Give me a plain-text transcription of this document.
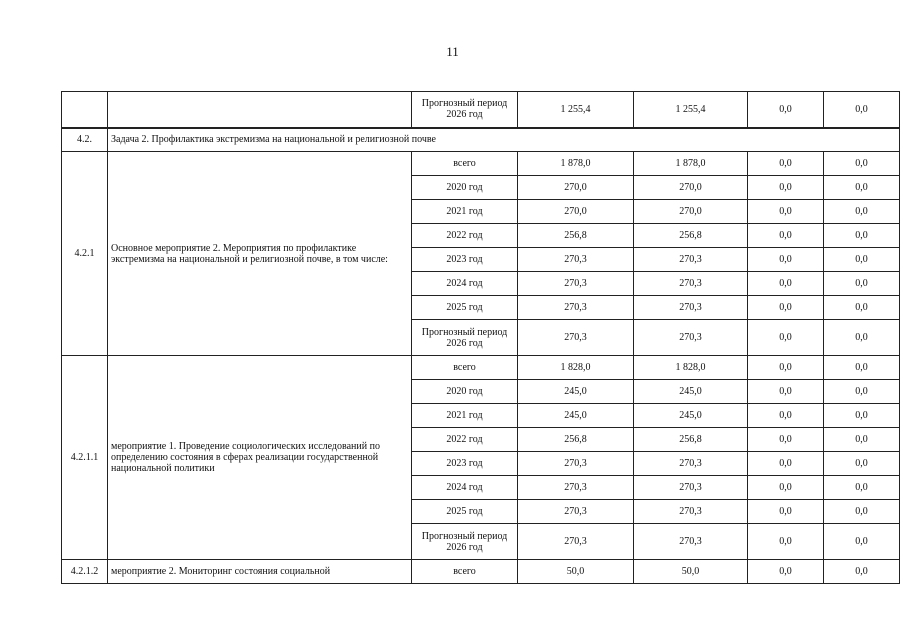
11
		Прогнозный период 2026 год	1 255,4	1 255,4	0,0	0,0
4.2.	Задача 2. Профилактика экстремизма на национальной и религиозной почве					
4.2.1	Основное мероприятие 2. Мероприятия по профилактике экстремизма на национальной и религиозной почве, в том числе:	всего	1 878,0	1 878,0	0,0	0,0
		2020 год	270,0	270,0	0,0	0,0
		2021 год	270,0	270,0	0,0	0,0
		2022 год	256,8	256,8	0,0	0,0
		2023 год	270,3	270,3	0,0	0,0
		2024 год	270,3	270,3	0,0	0,0
		2025 год	270,3	270,3	0,0	0,0
		Прогнозный период 2026 год	270,3	270,3	0,0	0,0
4.2.1.1	мероприятие 1. Проведение социологических исследований по определению состояния в сферах реализации государственной национальной политики	всего	1 828,0	1 828,0	0,0	0,0
		2020 год	245,0	245,0	0,0	0,0
		2021 год	245,0	245,0	0,0	0,0
		2022 год	256,8	256,8	0,0	0,0
		2023 год	270,3	270,3	0,0	0,0
		2024 год	270,3	270,3	0,0	0,0
		2025 год	270,3	270,3	0,0	0,0
		Прогнозный период 2026 год	270,3	270,3	0,0	0,0
4.2.1.2	мероприятие 2. Мониторинг состояния социальной	всего	50,0	50,0	0,0	0,0
